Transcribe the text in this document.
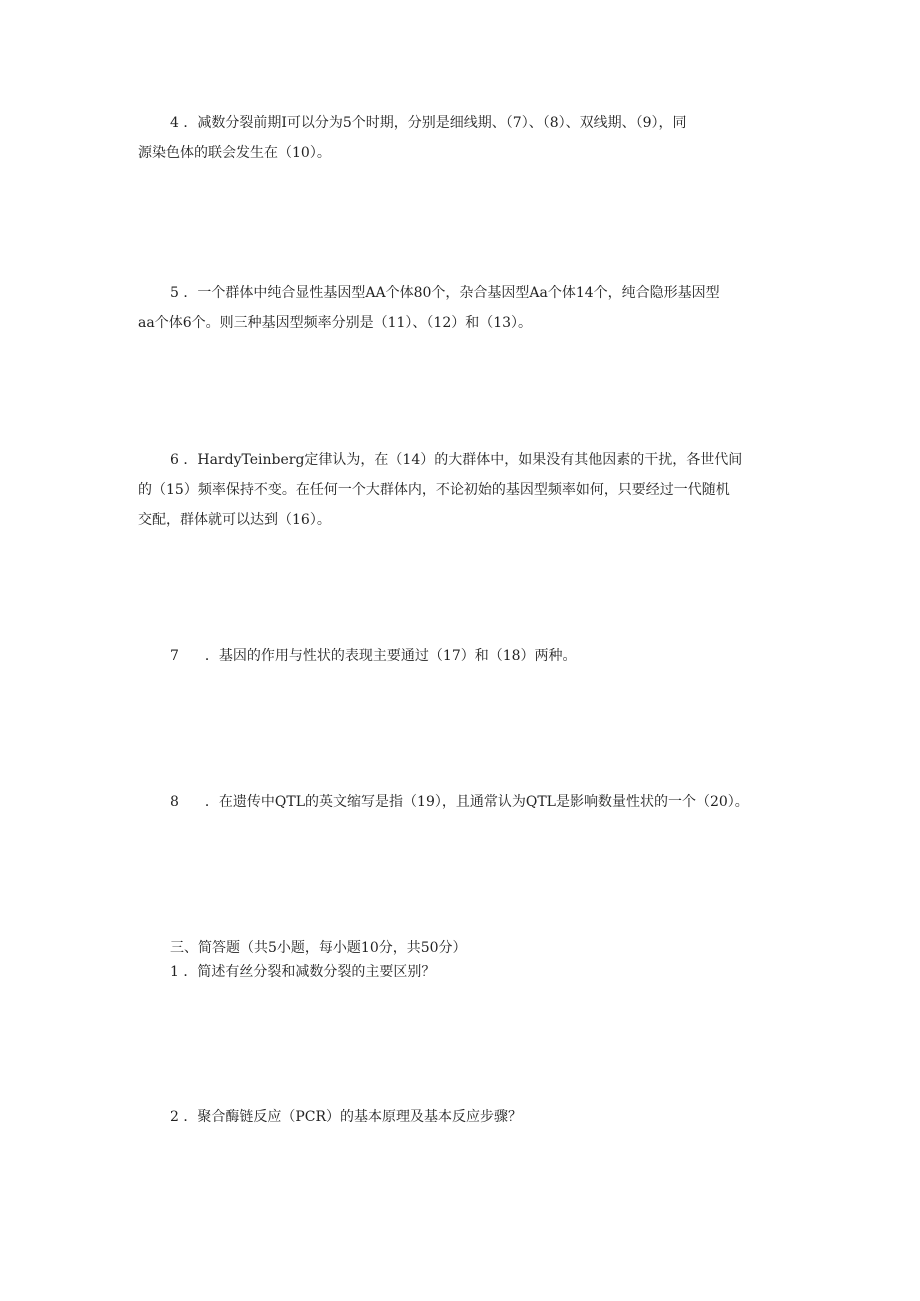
4 ．减数分裂前期Ⅰ可以分为5个时期，分别是细线期、（7）、（8）、双线期、（9），同
源染色体的联会发生在（10）。
5 ．一个群体中纯合显性基因型AA个体80个，杂合基因型Aa个体14个，纯合隐形基因型
aa个体6个。则三种基因型频率分别是（11）、（12）和（13）。
6 ．HardyTeinberg定律认为，在（14）的大群体中，如果没有其他因素的干扰，各世代间
的（15）频率保持不变。在任何一个大群体内，不论初始的基因型频率如何，只要经过一代随机
交配，群体就可以达到（16）。
7 ．基因的作用与性状的表现主要通过（17）和（18）两种。
8 ．在遗传中QTL的英文缩写是指（19），且通常认为QTL是影响数量性状的一个（20）。
三、简答题（共5小题，每小题10分，共50分）
1 ．简述有丝分裂和减数分裂的主要区别？
2 ．聚合酶链反应（PCR）的基本原理及基本反应步骤？
